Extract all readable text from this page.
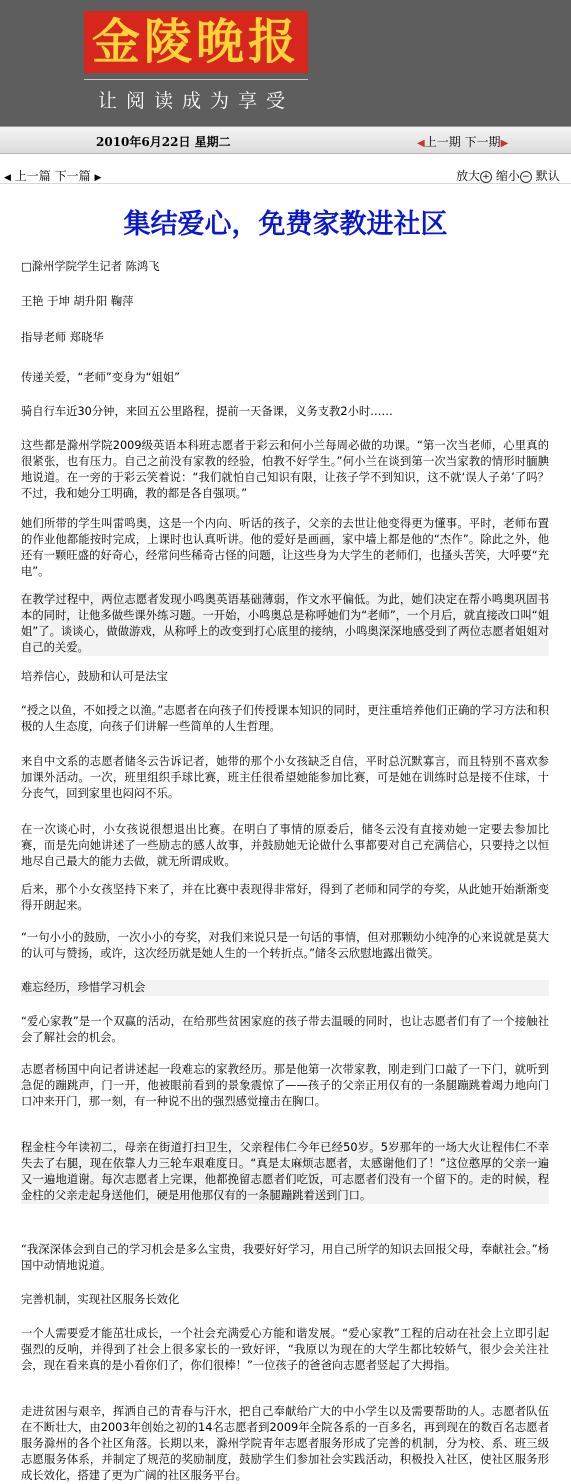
金陵晚报
让阅读成为享受
2010年6月22日 星期二	◀上一期 下一期▶
◀ 上一篇 下一篇 ▶	放大 + 缩小 − 默认
集结爱心，免费家教进社区
□滁州学院学生记者 陈鸿飞
王艳 于坤 胡升阳 鞠萍
指导老师 郑晓华
传递关爱，“老师”变身为“姐姐”
骑自行车近30分钟，来回五公里路程，提前一天备课，义务支教2小时……
这些都是滁州学院2009级英语本科班志愿者于彩云和何小兰每周必做的功课。“第一次当老师，心里真的很紧张，也有压力。自己之前没有家教的经验，怕教不好学生。”何小兰在谈到第一次当家教的情形时腼腆地说道。在一旁的于彩云笑着说：“我们就怕自己知识有限，让孩子学不到知识，这不就‘误人子弟’了吗？不过，我和她分工明确，教的都是各自强项。”
她们所带的学生叫雷鸣奥，这是一个内向、听话的孩子，父亲的去世让他变得更为懂事。平时，老师布置的作业他都能按时完成，上课时也认真听讲。他的爱好是画画，家中墙上都是他的“杰作”。除此之外，他还有一颗旺盛的好奇心，经常问些稀奇古怪的问题，让这些身为大学生的老师们，也搔头苦笑，大呼要“充电”。
在教学过程中，两位志愿者发现小鸣奥英语基础薄弱，作文水平偏低。为此，她们决定在帮小鸣奥巩固书本的同时，让他多做些课外练习题。一开始，小鸣奥总是称呼她们为“老师”，一个月后，就直接改口叫“姐姐”了。谈谈心，做做游戏，从称呼上的改变到打心底里的接纳，小鸣奥深深地感受到了两位志愿者姐姐对自己的关爱。
培养信心，鼓励和认可是法宝
“授之以鱼，不如授之以渔。”志愿者在向孩子们传授课本知识的同时，更注重培养他们正确的学习方法和积极的人生态度，向孩子们讲解一些简单的人生哲理。
来自中文系的志愿者储冬云告诉记者，她带的那个小女孩缺乏自信，平时总沉默寡言，而且特别不喜欢参加课外活动。一次，班里组织手球比赛，班主任很希望她能参加比赛，可是她在训练时总是接不住球，十分丧气，回到家里也闷闷不乐。
在一次谈心时，小女孩说很想退出比赛。在明白了事情的原委后，储冬云没有直接劝她一定要去参加比赛，而是先向她讲述了一些励志的感人故事，并鼓励她无论做什么事都要对自己充满信心，只要持之以恒地尽自己最大的能力去做，就无所谓成败。
后来，那个小女孩坚持下来了，并在比赛中表现得非常好，得到了老师和同学的夸奖，从此她开始渐渐变得开朗起来。
“一句小小的鼓励，一次小小的夸奖，对我们来说只是一句话的事情，但对那颗幼小纯净的心来说就是莫大的认可与赞扬，或许，这次经历就是她人生的一个转折点。”储冬云欣慰地露出微笑。
难忘经历，珍惜学习机会
“爱心家教”是一个双赢的活动，在给那些贫困家庭的孩子带去温暖的同时，也让志愿者们有了一个接触社会了解社会的机会。
志愿者杨国中向记者讲述起一段难忘的家教经历。那是他第一次带家教，刚走到门口敲了一下门，就听到急促的蹦跳声，门一开，他被眼前看到的景象震惊了——孩子的父亲正用仅有的一条腿蹦跳着竭力地向门口冲来开门，那一刻，有一种说不出的强烈感觉撞击在胸口。
程金柱今年读初二，母亲在街道打扫卫生，父亲程伟仁今年已经50岁。5岁那年的一场大火让程伟仁不幸失去了右腿，现在依靠人力三轮车艰难度日。“真是太麻烦志愿者，太感谢他们了！”这位憨厚的父亲一遍又一遍地道谢。每次志愿者上完课，他都挽留志愿者们吃饭，可志愿者们没有一个留下的。走的时候，程金柱的父亲走起身送他们，硬是用他那仅有的一条腿蹦跳着送到门口。
“我深深体会到自己的学习机会是多么宝贵，我要好好学习，用自己所学的知识去回报父母，奉献社会。”杨国中动情地说道。
完善机制，实现社区服务长效化
一个人需要爱才能茁壮成长，一个社会充满爱心方能和谐发展。“爱心家教”工程的启动在社会上立即引起强烈的反响，并得到了社会上很多家长的一致好评，“我原以为现在的大学生都比较娇气，很少会关注社会，现在看来真的是小看你们了，你们很棒！”一位孩子的爸爸向志愿者竖起了大拇指。
走进贫困与艰辛，挥洒自己的青春与汗水，把自己奉献给广大的中小学生以及需要帮助的人。志愿者队伍在不断壮大，由2003年创始之初的14名志愿者到2009年全院各系的一百多名，再到现在的数百名志愿者服务滁州的各个社区角落。长期以来，滁州学院青年志愿者服务形成了完善的机制，分为校、系、班三级志愿服务体系，并制定了规范的奖励制度，鼓励学生们参加社会实践活动，积极投入社区，使社区服务形成长效化，搭建了更为广阔的社区服务平台。
